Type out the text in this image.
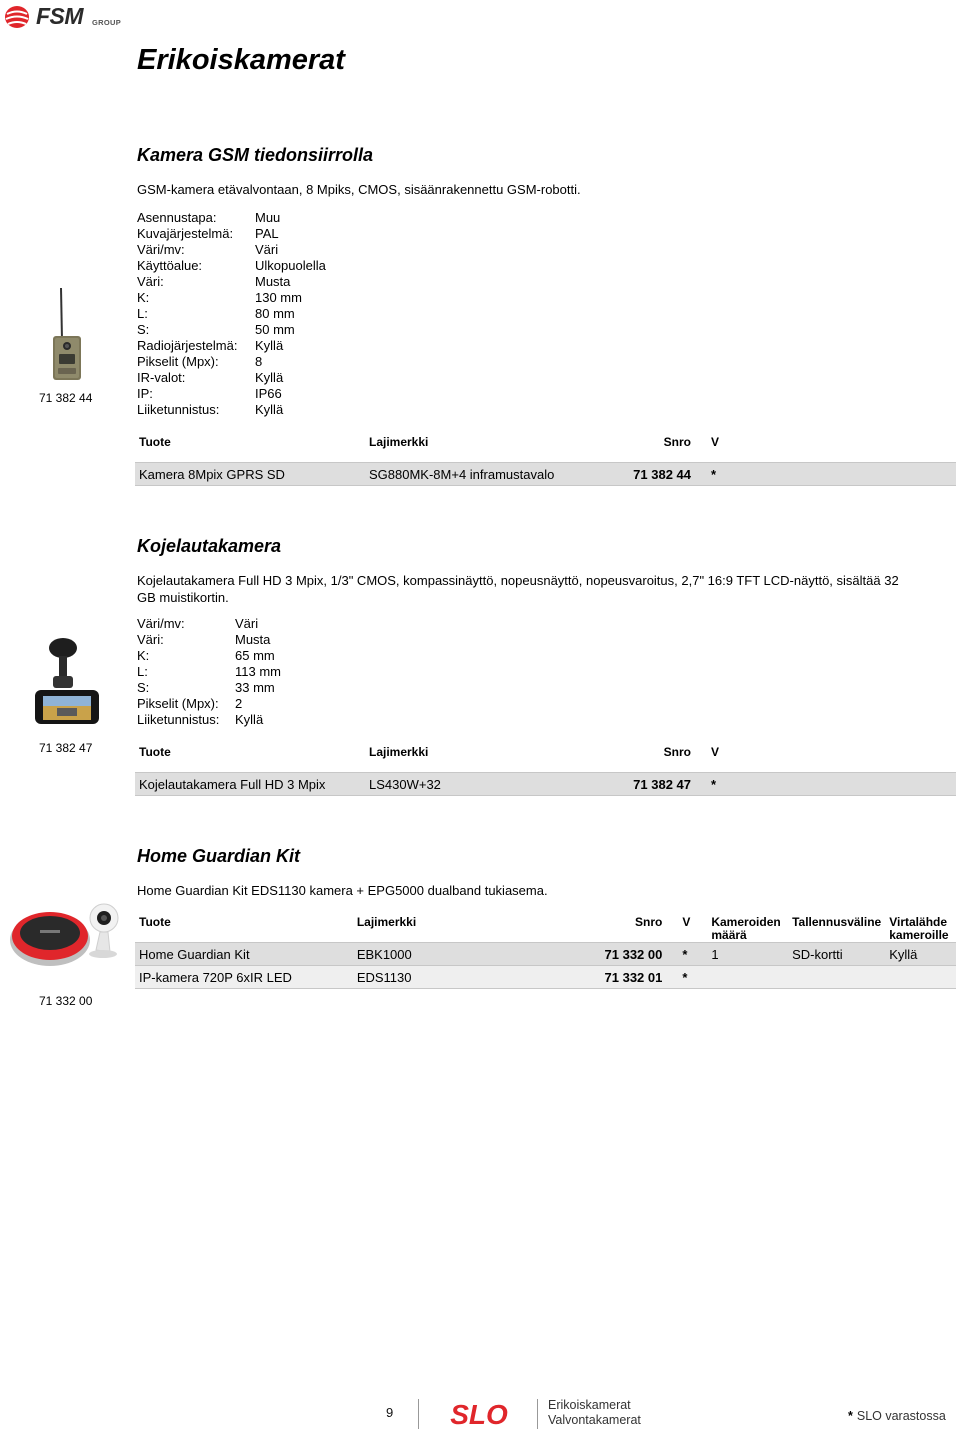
FSM GROUP
Erikoiskamerat
Kamera GSM tiedonsiirrolla
GSM-kamera etävalvontaan, 8 Mpiks, CMOS, sisäänrakennettu GSM-robotti.
71 382 44
Asennustapa:	Muu
Kuvajärjestelmä:	PAL
Väri/mv:	Väri
Käyttöalue:	Ulkopuolella
Väri:	Musta
K:	130 mm
L:	80 mm
S:	50 mm
Radiojärjestelmä:	Kyllä
Pikselit (Mpx):	8
IR-valot:	Kyllä
IP:	IP66
Liiketunnistus:	Kyllä
Tuote	Lajimerkki	Snro	V
Kamera 8Mpix GPRS SD	SG880MK-8M+4 inframustavalo	71 382 44	*
Kojelautakamera
Kojelautakamera Full HD 3 Mpix, 1/3" CMOS, kompassinäyttö, nopeusnäyttö, nopeusvaroitus, 2,7" 16:9 TFT LCD-näyttö, sisältää 32 GB muistikortin.
71 382 47
Väri/mv:	Väri
Väri:	Musta
K:	65 mm
L:	113 mm
S:	33 mm
Pikselit (Mpx):	2
Liiketunnistus:	Kyllä
Tuote	Lajimerkki	Snro	V
Kojelautakamera Full HD 3 Mpix	LS430W+32	71 382 47	*
Home Guardian Kit
Home Guardian Kit EDS1130 kamera + EPG5000 dualband tukiasema.
71 332 00
Tuote	Lajimerkki	Snro	V	Kameroiden määrä	Tallennusväline	Virtalähde kameroille
Home Guardian Kit	EBK1000	71 332 00	*	1	SD-kortti	Kyllä
IP-kamera 720P 6xIR LED	EDS1130	71 332 01	*			
9 SLO	Erikoiskamerat
Valvontakamerat	* SLO varastossa
